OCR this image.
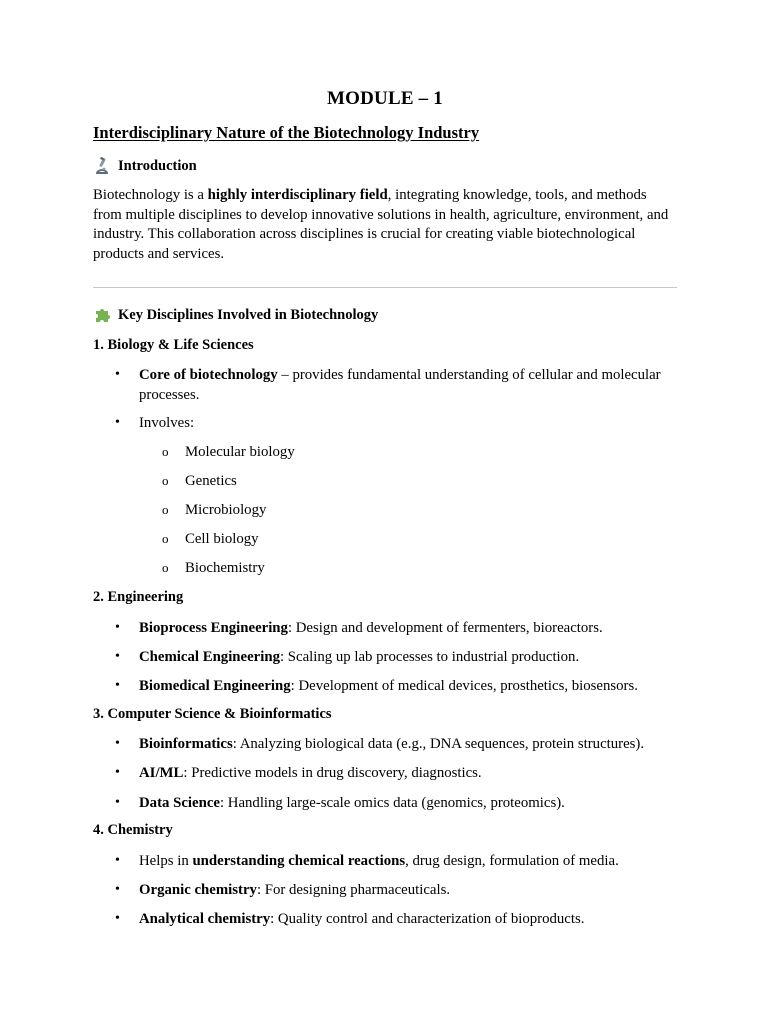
MODULE – 1
Interdisciplinary Nature of the Biotechnology Industry
Introduction
Biotechnology is a highly interdisciplinary field, integrating knowledge, tools, and methods from multiple disciplines to develop innovative solutions in health, agriculture, environment, and industry. This collaboration across disciplines is crucial for creating viable biotechnological products and services.
Key Disciplines Involved in Biotechnology
1. Biology & Life Sciences
• Core of biotechnology – provides fundamental understanding of cellular and molecular processes.
• Involves:
o Molecular biology
o Genetics
o Microbiology
o Cell biology
o Biochemistry
2. Engineering
• Bioprocess Engineering: Design and development of fermenters, bioreactors.
• Chemical Engineering: Scaling up lab processes to industrial production.
• Biomedical Engineering: Development of medical devices, prosthetics, biosensors.
3. Computer Science & Bioinformatics
• Bioinformatics: Analyzing biological data (e.g., DNA sequences, protein structures).
• AI/ML: Predictive models in drug discovery, diagnostics.
• Data Science: Handling large-scale omics data (genomics, proteomics).
4. Chemistry
• Helps in understanding chemical reactions, drug design, formulation of media.
• Organic chemistry: For designing pharmaceuticals.
• Analytical chemistry: Quality control and characterization of bioproducts.
